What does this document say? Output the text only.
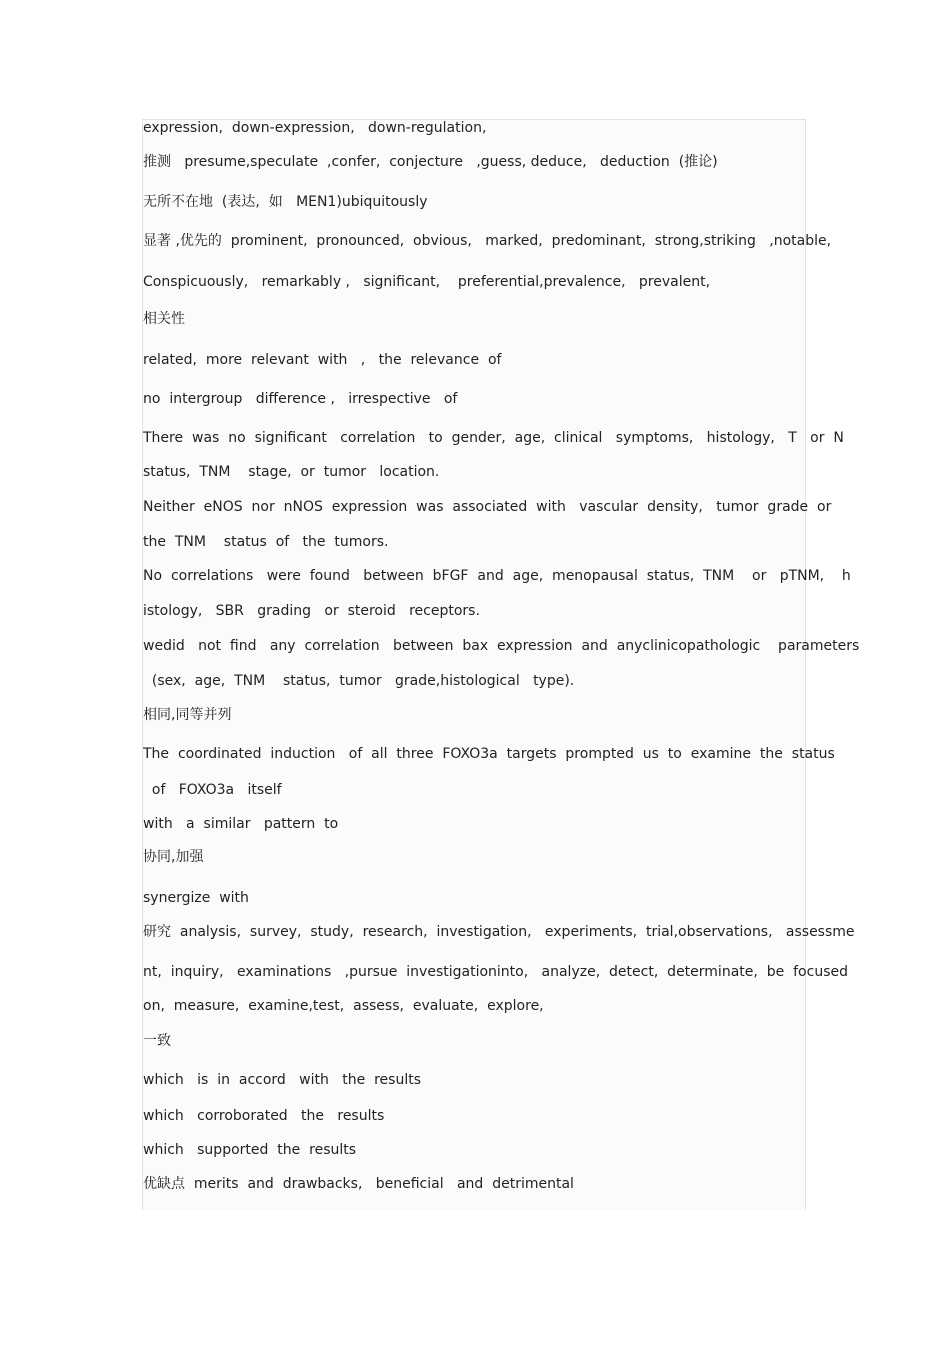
expression,  down-expression,   down-regulation,
推测   presume,speculate  ,confer,  conjecture   ,guess, deduce,   deduction  (推论)
无所不在地  (表达,  如   MEN1)ubiquitously
显著 ,优先的  prominent,  pronounced,  obvious,   marked,  predominant,  strong,striking   ,notable,
Conspicuously,   remarkably ,   significant,    preferential,prevalence,   prevalent,
相关性
related,  more  relevant  with   ,   the  relevance  of
no  intergroup   difference ,   irrespective   of
There  was  no  significant   correlation   to  gender,  age,  clinical   symptoms,   histology,   T   or  N
status,  TNM    stage,  or  tumor   location.
Neither  eNOS  nor  nNOS  expression  was  associated  with   vascular  density,   tumor  grade  or
the  TNM    status  of   the  tumors.
No  correlations   were  found   between  bFGF  and  age,  menopausal  status,  TNM    or   pTNM,    h
istology,   SBR   grading   or  steroid   receptors.
wedid   not  find   any  correlation   between  bax  expression  and  anyclinicopathologic    parameters
(sex,  age,  TNM    status,  tumor   grade,histological   type).
相同,同等并列
The  coordinated  induction   of  all  three  FOXO3a  targets  prompted  us  to  examine  the  status
of   FOXO3a   itself
with   a  similar   pattern  to
协同,加强
synergize  with
研究  analysis,  survey,  study,  research,  investigation,   experiments,  trial,observations,   assessme
nt,  inquiry,   examinations   ,pursue  investigationinto,   analyze,  detect,  determinate,  be  focused
on,  measure,  examine,test,  assess,  evaluate,  explore,
一致
which   is  in  accord   with   the  results
which   corroborated   the   results
which   supported  the  results
优缺点  merits  and  drawbacks,   beneficial   and  detrimental
